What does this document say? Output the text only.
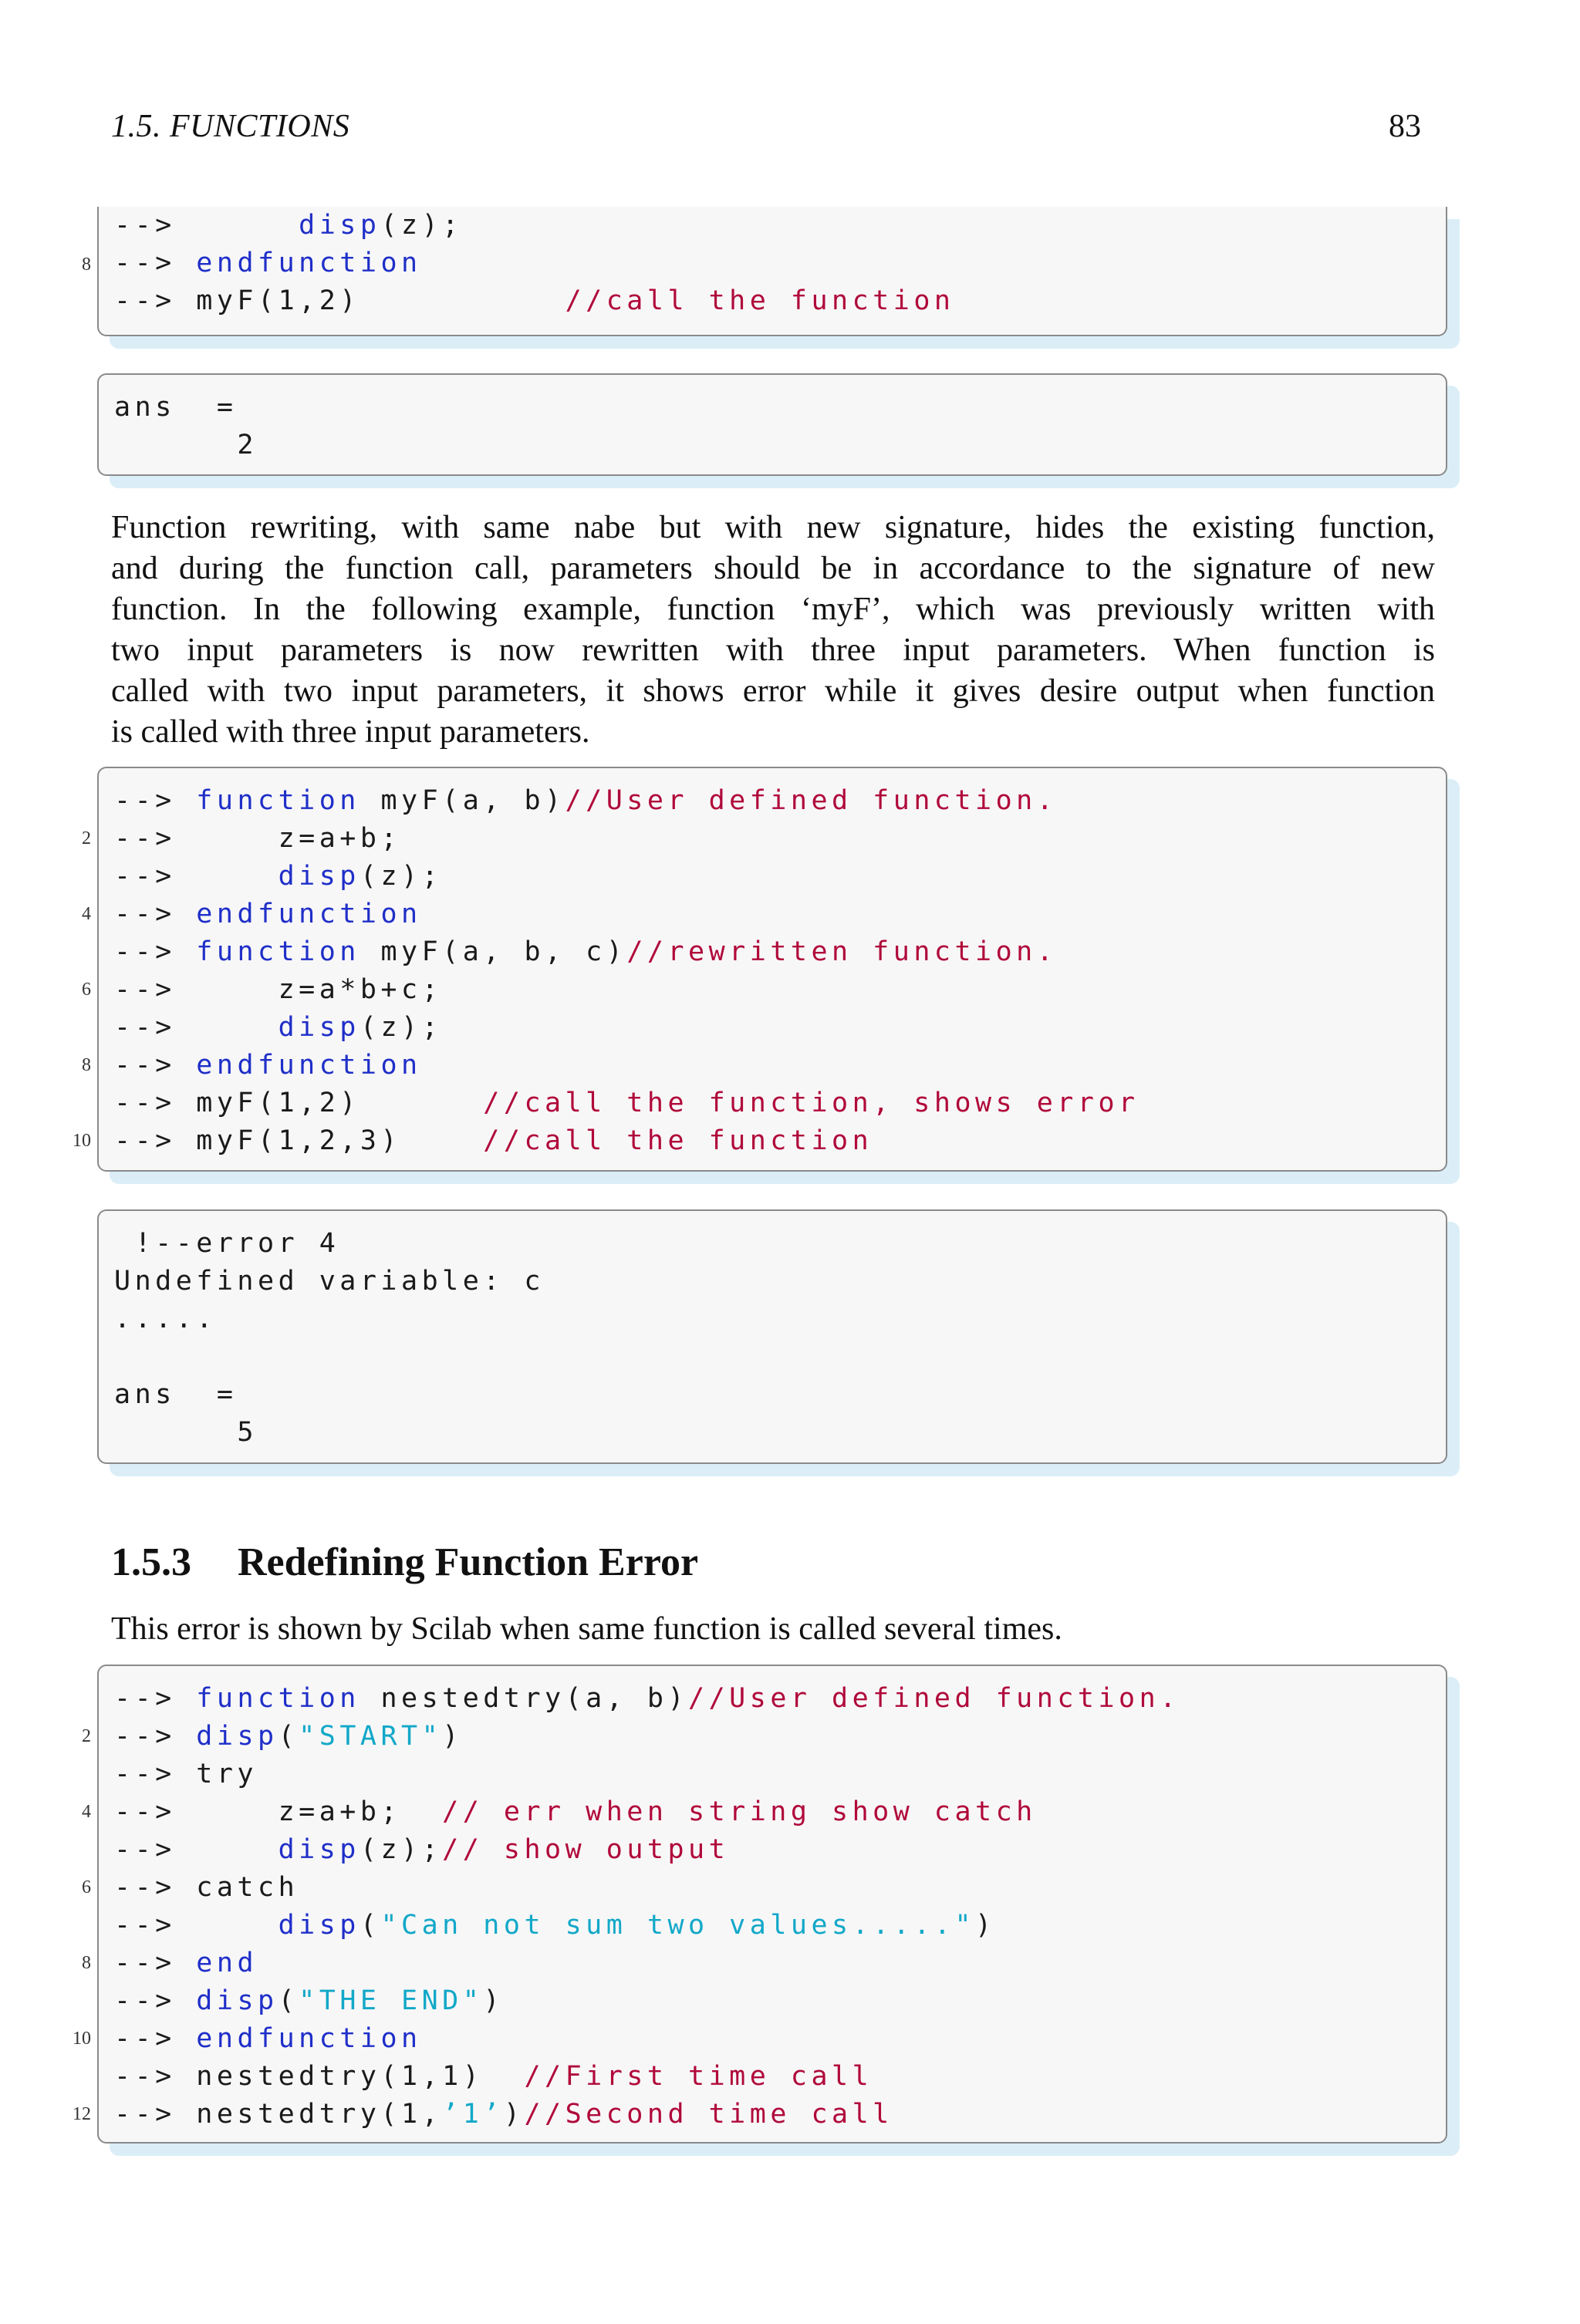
1.5. FUNCTIONS	83
-->      disp(z);
--> endfunction
--> myF(1,2)          //call the function
ans  =
2
Function rewriting, with same nabe but with new signature, hides the existing function,
and during the function call, parameters should be in accordance to the signature of new
function. In the following example, function ‘myF’, which was previously written with
two input parameters is now rewritten with three input parameters. When function is
called with two input parameters, it shows error while it gives desire output when function
is called with three input parameters.
--> function myF(a, b)//User defined function.
-->     z=a+b;
-->     disp(z);
--> endfunction
--> function myF(a, b, c)//rewritten function.
-->     z=a*b+c;
-->     disp(z);
--> endfunction
--> myF(1,2)      //call the function, shows error
--> myF(1,2,3)    //call the function
!--error 4
Undefined variable: c
.....
ans  =
5
1.5.3 Redefining Function Error
This error is shown by Scilab when same function is called several times.
--> function nestedtry(a, b)//User defined function.
--> disp("START")
--> try
-->     z=a+b;  // err when string show catch
-->     disp(z);// show output
--> catch
-->     disp("Can not sum two values.....")
--> end
--> disp("THE END")
--> endfunction
--> nestedtry(1,1)  //First time call
--> nestedtry(1,’1’)//Second time call
8
2
4
6
8
10
2
4
6
8
10
12
